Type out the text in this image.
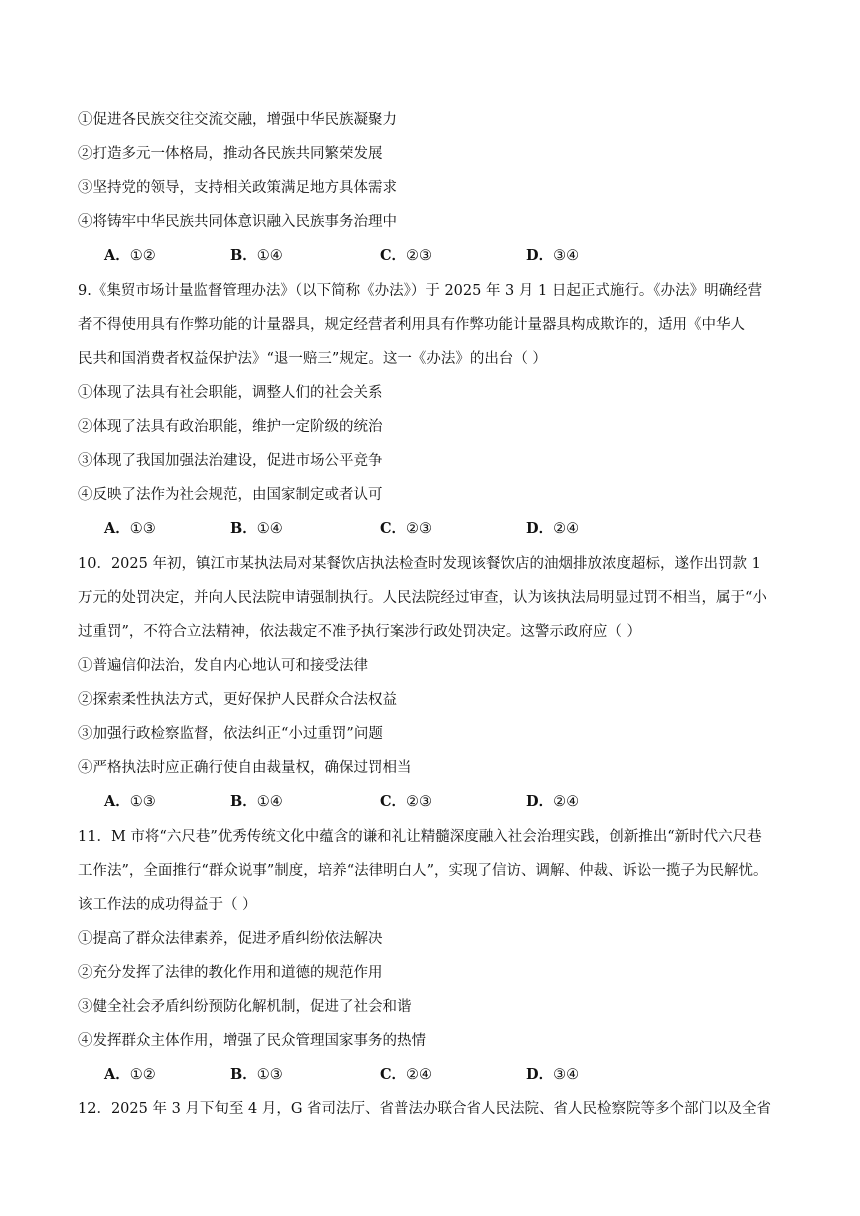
①促进各民族交往交流交融，增强中华民族凝聚力
②打造多元一体格局，推动各民族共同繁荣发展
③坚持党的领导，支持相关政策满足地方具体需求
④将铸牢中华民族共同体意识融入民族事务治理中
A．①②	B．①④	C．②③	D．③④
9.《集贸市场计量监督管理办法》（以下简称《办法》）于 2025 年 3 月 1 日起正式施行。《办法》明确经营
者不得使用具有作弊功能的计量器具，规定经营者利用具有作弊功能计量器具构成欺诈的，适用《中华人
民共和国消费者权益保护法》“退一赔三”规定。这一《办法》的出台（ ）
①体现了法具有社会职能，调整人们的社会关系
②体现了法具有政治职能，维护一定阶级的统治
③体现了我国加强法治建设，促进市场公平竞争
④反映了法作为社会规范，由国家制定或者认可
A．①③	B．①④	C．②③	D．②④
10．2025 年初，镇江市某执法局对某餐饮店执法检查时发现该餐饮店的油烟排放浓度超标，遂作出罚款 1
万元的处罚决定，并向人民法院申请强制执行。人民法院经过审查，认为该执法局明显过罚不相当，属于“小
过重罚”，不符合立法精神，依法裁定不准予执行案涉行政处罚决定。这警示政府应（ ）
①普遍信仰法治，发自内心地认可和接受法律
②探索柔性执法方式，更好保护人民群众合法权益
③加强行政检察监督，依法纠正“小过重罚”问题
④严格执法时应正确行使自由裁量权，确保过罚相当
A．①③	B．①④	C．②③	D．②④
11．M 市将“六尺巷”优秀传统文化中蕴含的谦和礼让精髓深度融入社会治理实践，创新推出“新时代六尺巷
工作法”，全面推行“群众说事”制度，培养“法律明白人”，实现了信访、调解、仲裁、诉讼一揽子为民解忧。
该工作法的成功得益于（ ）
①提高了群众法律素养，促进矛盾纠纷依法解决
②充分发挥了法律的教化作用和道德的规范作用
③健全社会矛盾纠纷预防化解机制，促进了社会和谐
④发挥群众主体作用，增强了民众管理国家事务的热情
A．①②	B．①③	C．②④	D．③④
12．2025 年 3 月下旬至 4 月，G 省司法厅、省普法办联合省人民法院、省人民检察院等多个部门以及全省
